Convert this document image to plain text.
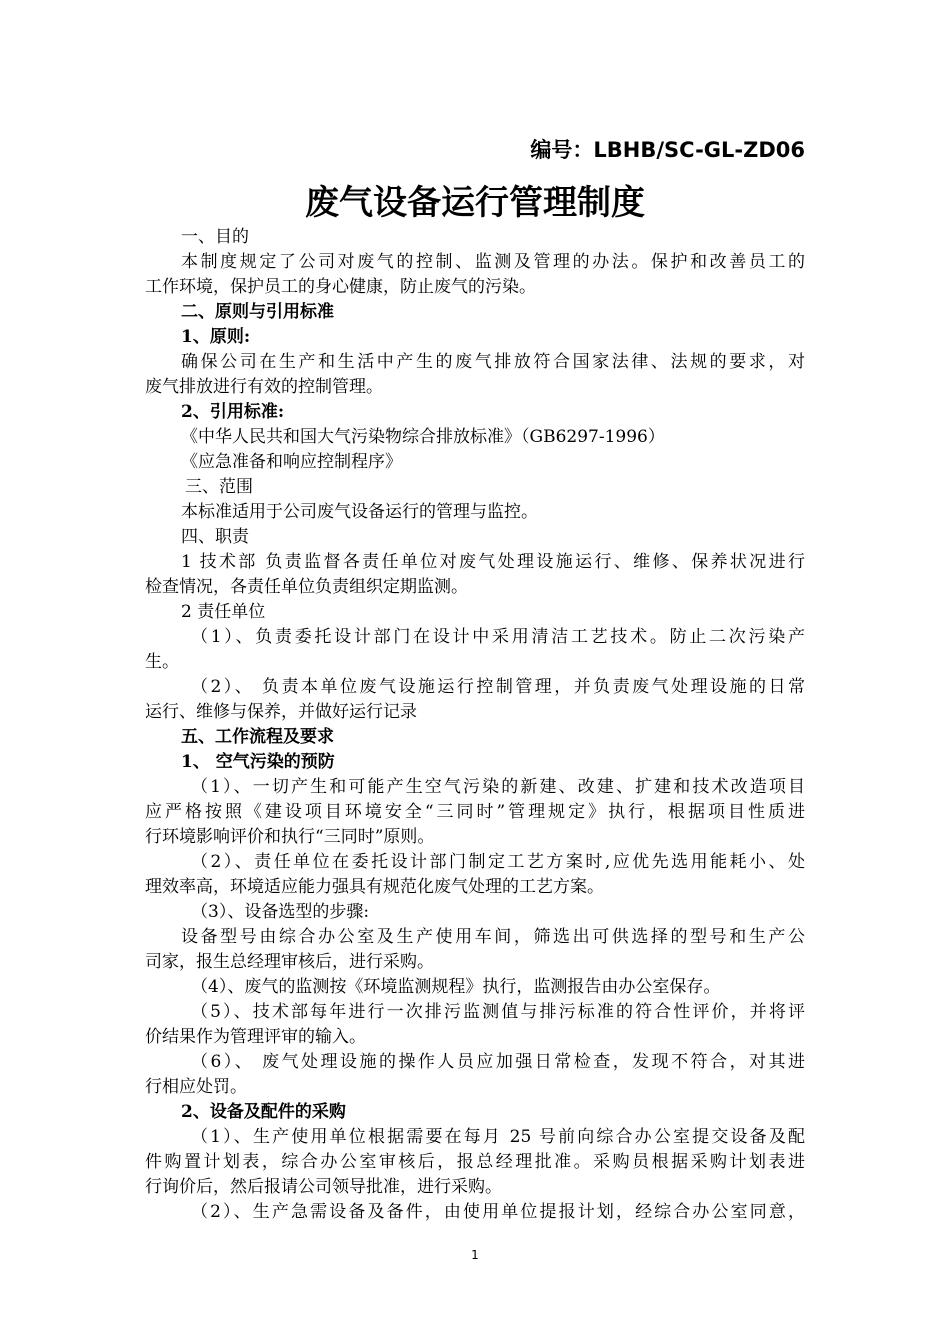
编号：LBHB/SC-GL-ZD06
废气设备运行管理制度
一、目的
本制度规定了公司对废气的控制、监测及管理的办法。保护和改善员工的
工作环境，保护员工的身心健康，防止废气的污染。
二、原则与引用标准
1、原则:
确保公司在生产和生活中产生的废气排放符合国家法律、法规的要求，对
废气排放进行有效的控制管理。
2、引用标准:
《中华人民共和国大气污染物综合排放标准》（GB6297-1996）
《应急准备和响应控制程序》
三、范围
本标准适用于公司废气设备运行的管理与监控。
四、职责
1 技术部 负责监督各责任单位对废气处理设施运行、维修、保养状况进行
检查情况，各责任单位负责组织定期监测。
2 责任单位
（1）、负责委托设计部门在设计中采用清洁工艺技术。防止二次污染产
生。
（2）、 负责本单位废气设施运行控制管理，并负责废气处理设施的日常
运行、维修与保养，并做好运行记录
五、工作流程及要求
1、 空气污染的预防
（1）、一切产生和可能产生空气污染的新建、改建、扩建和技术改造项目
应严格按照《建设项目环境安全“三同时”管理规定》执行，根据项目性质进
行环境影响评价和执行“三同时”原则。
（2）、责任单位在委托设计部门制定工艺方案时,应优先选用能耗小、处
理效率高，环境适应能力强具有规范化废气处理的工艺方案。
（3）、设备选型的步骤:
设备型号由综合办公室及生产使用车间，筛选出可供选择的型号和生产公
司家，报生总经理审核后，进行采购。
（4）、废气的监测按《环境监测规程》执行，监测报告由办公室保存。
（5）、技术部每年进行一次排污监测值与排污标准的符合性评价，并将评
价结果作为管理评审的输入。
（6）、 废气处理设施的操作人员应加强日常检查，发现不符合，对其进
行相应处罚。
2、设备及配件的采购
（1）、生产使用单位根据需要在每月 25 号前向综合办公室提交设备及配
件购置计划表，综合办公室审核后，报总经理批准。采购员根据采购计划表进
行询价后，然后报请公司领导批准，进行采购。
（2）、生产急需设备及备件，由使用单位提报计划，经综合办公室同意，
1
